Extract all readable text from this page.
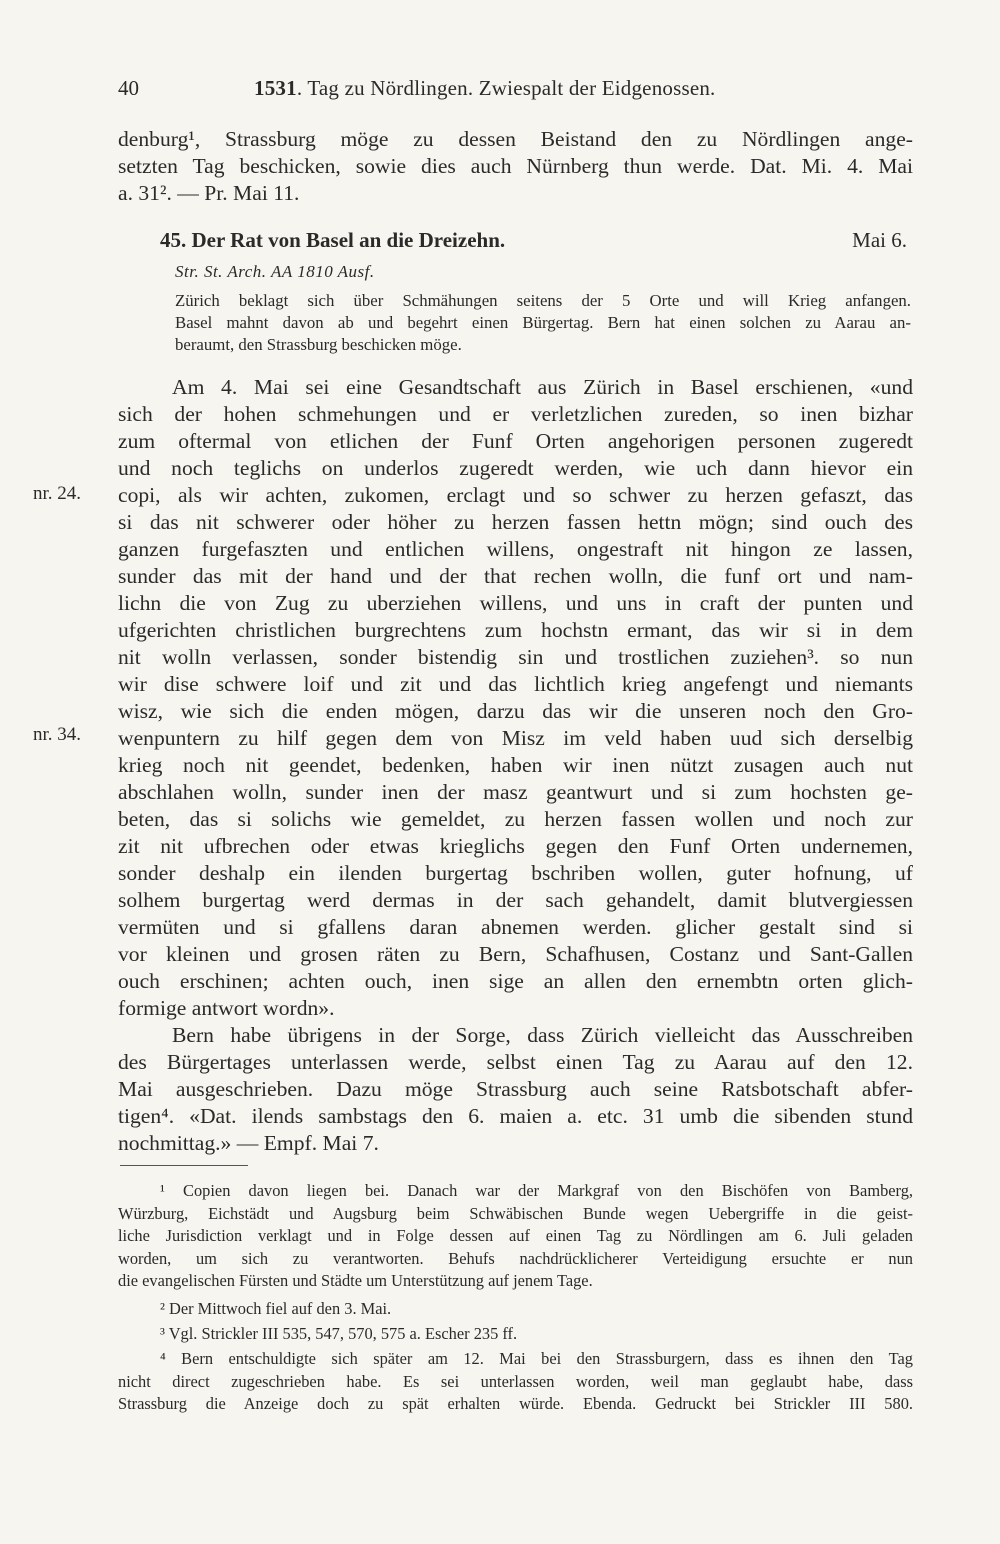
40	1531. Tag zu Nördlingen. Zwiespalt der Eidgenossen.
denburg¹, Strassburg möge zu dessen Beistand den zu Nördlingen ange-
setzten Tag beschicken, sowie dies auch Nürnberg thun werde. Dat. Mi. 4. Mai
a. 31². — Pr. Mai 11.
45. Der Rat von Basel an die Dreizehn.	Mai 6.
Str. St. Arch. AA 1810 Ausf.
Zürich beklagt sich über Schmähungen seitens der 5 Orte und will Krieg anfangen.
Basel mahnt davon ab und begehrt einen Bürgertag. Bern hat einen solchen zu Aarau an-
beraumt, den Strassburg beschicken möge.
nr. 24.
nr. 34.
Am 4. Mai sei eine Gesandtschaft aus Zürich in Basel erschienen, «und
sich der hohen schmehungen und er verletzlichen zureden, so inen bizhar
zum oftermal von etlichen der Funf Orten angehorigen personen zugeredt
und noch teglichs on underlos zugeredt werden, wie uch dann hievor ein
copi, als wir achten, zukomen, erclagt und so schwer zu herzen gefaszt, das
si das nit schwerer oder höher zu herzen fassen hettn mögn; sind ouch des
ganzen furgefaszten und entlichen willens, ongestraft nit hingon ze lassen,
sunder das mit der hand und der that rechen wolln, die funf ort und nam-
lichn die von Zug zu uberziehen willens, und uns in craft der punten und
ufgerichten christlichen burgrechtens zum hochstn ermant, das wir si in dem
nit wolln verlassen, sonder bistendig sin und trostlichen zuziehen³. so nun
wir dise schwere loif und zit und das lichtlich krieg angefengt und niemants
wisz, wie sich die enden mögen, darzu das wir die unseren noch den Gro-
wenpuntern zu hilf gegen dem von Misz im veld haben uud sich derselbig
krieg noch nit geendet, bedenken, haben wir inen nützt zusagen auch nut
abschlahen wolln, sunder inen der masz geantwurt und si zum hochsten ge-
beten, das si solichs wie gemeldet, zu herzen fassen wollen und noch zur
zit nit ufbrechen oder etwas krieglichs gegen den Funf Orten undernemen,
sonder deshalp ein ilenden burgertag bschriben wollen, guter hofnung, uf
solhem burgertag werd dermas in der sach gehandelt, damit blutvergiessen
vermüten und si gfallens daran abnemen werden. glicher gestalt sind si
vor kleinen und grosen räten zu Bern, Schafhusen, Costanz und Sant-Gallen
ouch erschinen; achten ouch, inen sige an allen den ernembtn orten glich-
formige antwort wordn».
Bern habe übrigens in der Sorge, dass Zürich vielleicht das Ausschreiben
des Bürgertages unterlassen werde, selbst einen Tag zu Aarau auf den 12.
Mai ausgeschrieben. Dazu möge Strassburg auch seine Ratsbotschaft abfer-
tigen⁴. «Dat. ilends sambstags den 6. maien a. etc. 31 umb die sibenden stund
nochmittag.» — Empf. Mai 7.
¹ Copien davon liegen bei. Danach war der Markgraf von den Bischöfen von Bamberg,
Würzburg, Eichstädt und Augsburg beim Schwäbischen Bunde wegen Uebergriffe in die geist-
liche Jurisdiction verklagt und in Folge dessen auf einen Tag zu Nördlingen am 6. Juli geladen
worden, um sich zu verantworten. Behufs nachdrücklicherer Verteidigung ersuchte er nun
die evangelischen Fürsten und Städte um Unterstützung auf jenem Tage.
² Der Mittwoch fiel auf den 3. Mai.
³ Vgl. Strickler III 535, 547, 570, 575 a. Escher 235 ff.
⁴ Bern entschuldigte sich später am 12. Mai bei den Strassburgern, dass es ihnen den Tag
nicht direct zugeschrieben habe. Es sei unterlassen worden, weil man geglaubt habe, dass
Strassburg die Anzeige doch zu spät erhalten würde. Ebenda. Gedruckt bei Strickler III 580.
